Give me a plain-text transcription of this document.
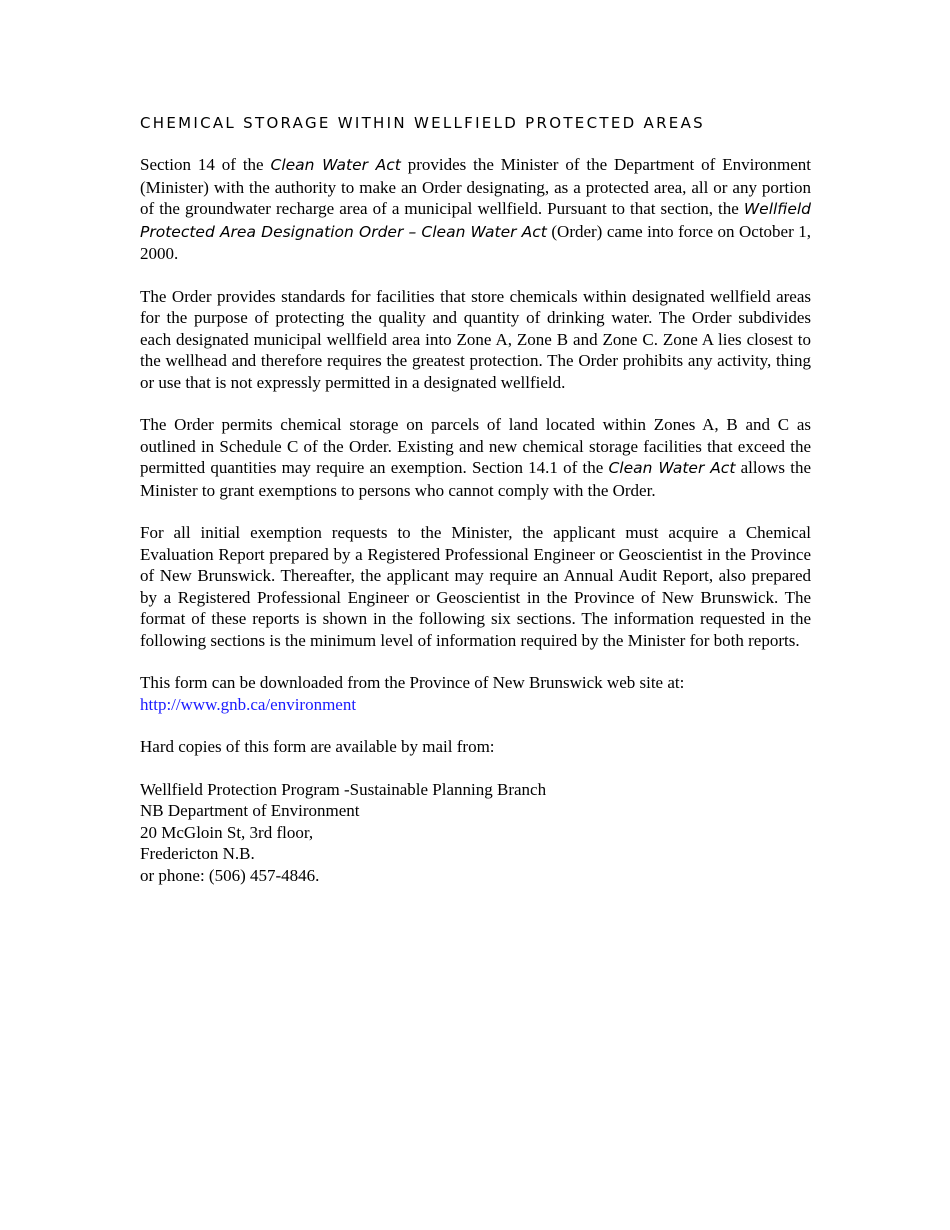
CHEMICAL STORAGE WITHIN WELLFIELD PROTECTED AREAS

Section 14 of the Clean Water Act provides the Minister of the Department of Environment (Minister) with the authority to make an Order designating, as a protected area, all or any portion of the groundwater recharge area of a municipal wellfield. Pursuant to that section, the Wellfield Protected Area Designation Order – Clean Water Act (Order) came into force on October 1, 2000.

The Order provides standards for facilities that store chemicals within designated wellfield areas for the purpose of protecting the quality and quantity of drinking water. The Order subdivides each designated municipal wellfield area into Zone A, Zone B and Zone C. Zone A lies closest to the wellhead and therefore requires the greatest protection. The Order prohibits any activity, thing or use that is not expressly permitted in a designated wellfield.

The Order permits chemical storage on parcels of land located within Zones A, B and C as outlined in Schedule C of the Order. Existing and new chemical storage facilities that exceed the permitted quantities may require an exemption. Section 14.1 of the Clean Water Act allows the Minister to grant exemptions to persons who cannot comply with the Order.

For all initial exemption requests to the Minister, the applicant must acquire a Chemical Evaluation Report prepared by a Registered Professional Engineer or Geoscientist in the Province of New Brunswick. Thereafter, the applicant may require an Annual Audit Report, also prepared by a Registered Professional Engineer or Geoscientist in the Province of New Brunswick. The format of these reports is shown in the following six sections. The information requested in the following sections is the minimum level of information required by the Minister for both reports.

This form can be downloaded from the Province of New Brunswick web site at:
http://www.gnb.ca/environment

Hard copies of this form are available by mail from:

Wellfield Protection Program -Sustainable Planning Branch
NB Department of Environment
20 McGloin St, 3rd floor,
Fredericton N.B.
or phone: (506) 457-4846.
